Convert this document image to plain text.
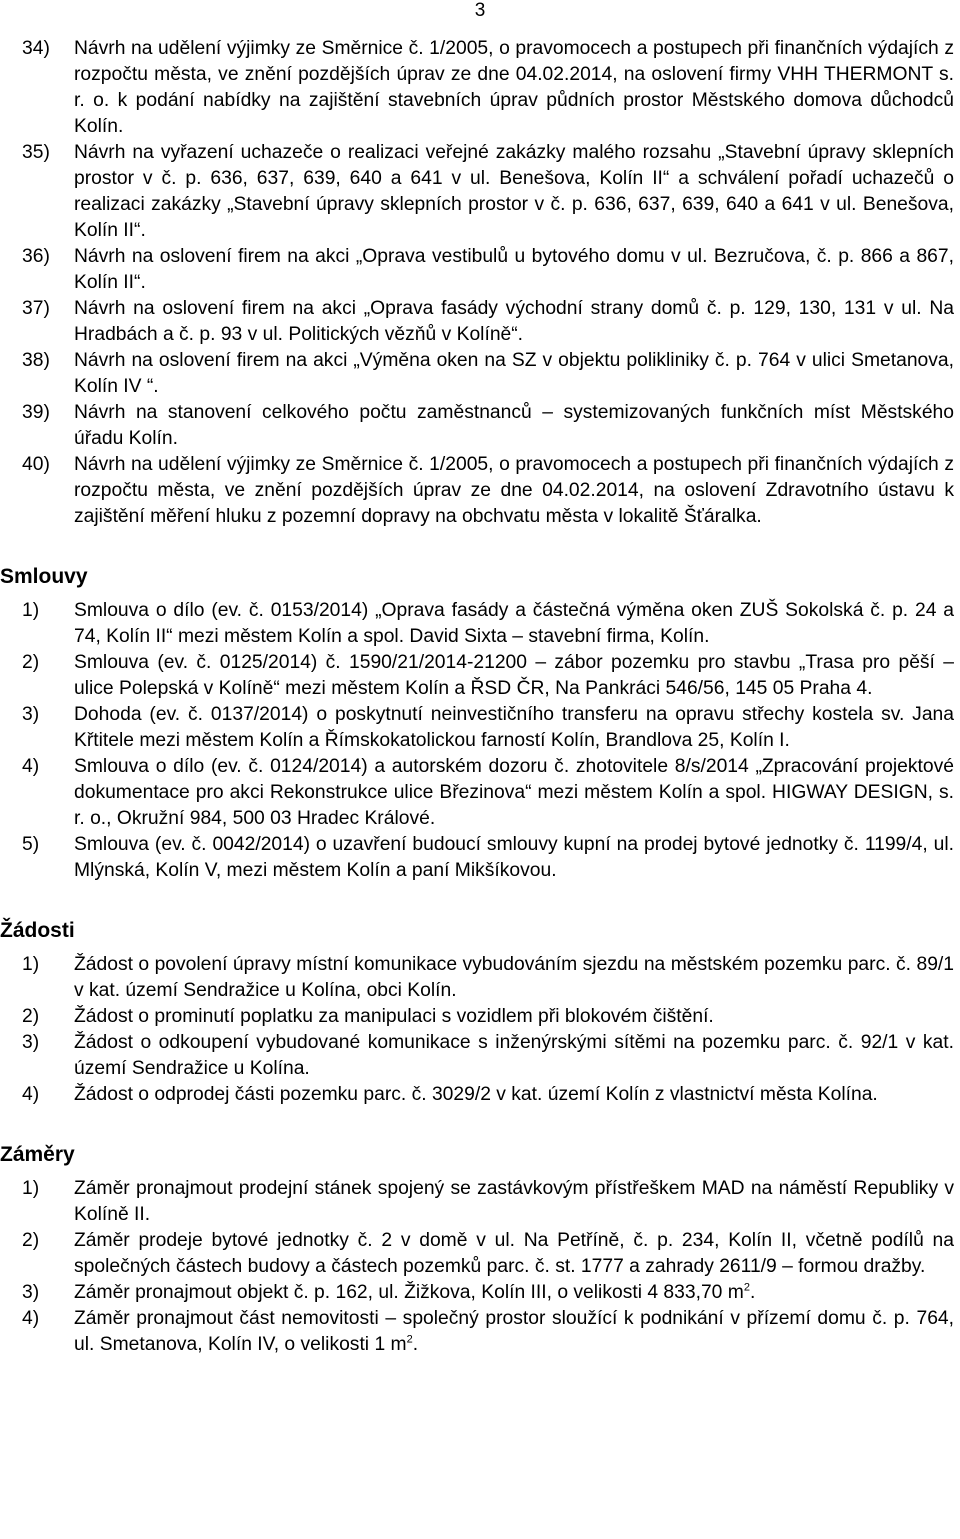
3
34)	Návrh na udělení výjimky ze Směrnice č. 1/2005, o pravomocech a postupech při finančních výdajích z rozpočtu města, ve znění pozdějších úprav ze dne 04.02.2014, na oslovení firmy VHH THERMONT s. r. o. k podání nabídky na zajištění stavebních úprav půdních prostor Městského domova důchodců Kolín.
35)	Návrh na vyřazení uchazeče o realizaci veřejné zakázky malého rozsahu „Stavební úpravy sklepních prostor v č. p. 636, 637, 639, 640 a 641 v ul. Benešova, Kolín II“ a schválení pořadí uchazečů o realizaci zakázky „Stavební úpravy sklepních prostor v č. p. 636, 637, 639, 640 a 641 v ul. Benešova, Kolín II“.
36)	Návrh na oslovení firem na akci „Oprava vestibulů u bytového domu v ul. Bezručova, č. p. 866 a 867, Kolín II“.
37)	Návrh na oslovení firem na akci „Oprava fasády východní strany domů č. p. 129, 130, 131 v ul. Na Hradbách a č. p. 93 v ul. Politických vězňů v Kolíně“.
38)	Návrh na oslovení firem na akci „Výměna oken na SZ v objektu polikliniky č. p. 764 v ulici Smetanova, Kolín IV “.
39)	Návrh na stanovení celkového počtu zaměstnanců – systemizovaných funkčních míst Městského úřadu Kolín.
40)	Návrh na udělení výjimky ze Směrnice č. 1/2005, o pravomocech a postupech při finančních výdajích z rozpočtu města, ve znění pozdějších úprav ze dne 04.02.2014, na oslovení Zdravotního ústavu k zajištění měření hluku z pozemní dopravy na obchvatu města v lokalitě Šťáralka.
Smlouvy
1)	Smlouva o dílo (ev. č. 0153/2014) „Oprava fasády a částečná výměna oken ZUŠ Sokolská č. p. 24 a 74, Kolín II“ mezi městem Kolín a spol. David Sixta – stavební firma, Kolín.
2)	Smlouva (ev. č. 0125/2014) č. 1590/21/2014-21200 – zábor pozemku pro stavbu „Trasa pro pěší – ulice Polepská v Kolíně“ mezi městem Kolín a ŘSD ČR, Na Pankráci 546/56, 145 05 Praha 4.
3)	Dohoda (ev. č. 0137/2014) o poskytnutí neinvestičního transferu na opravu střechy kostela sv. Jana Křtitele mezi městem Kolín a Římskokatolickou farností Kolín, Brandlova 25, Kolín I.
4)	Smlouva o dílo (ev. č. 0124/2014) a autorském dozoru č. zhotovitele 8/s/2014 „Zpracování projektové dokumentace pro akci Rekonstrukce ulice Březinova“ mezi městem Kolín a spol. HIGWAY DESIGN, s. r. o., Okružní 984, 500 03 Hradec Králové.
5)	Smlouva (ev. č. 0042/2014) o uzavření budoucí smlouvy kupní na prodej bytové jednotky č. 1199/4, ul. Mlýnská, Kolín V, mezi městem Kolín a paní Mikšíkovou.
Žádosti
1)	Žádost o povolení úpravy místní komunikace vybudováním sjezdu na městském pozemku parc. č. 89/1 v kat. území Sendražice u Kolína, obci Kolín.
2)	Žádost o prominutí poplatku za manipulaci s vozidlem při blokovém čištění.
3)	Žádost o odkoupení vybudované komunikace s inženýrskými sítěmi na pozemku parc. č. 92/1 v kat. území Sendražice u Kolína.
4)	Žádost o odprodej části pozemku parc. č. 3029/2 v kat. území Kolín z vlastnictví města Kolína.
Záměry
1)	Záměr pronajmout prodejní stánek spojený se zastávkovým přístřeškem MAD na náměstí Republiky v Kolíně II.
2)	Záměr prodeje bytové jednotky č. 2 v domě v ul. Na Petříně, č. p. 234, Kolín II, včetně podílů na společných částech budovy a částech pozemků parc. č. st. 1777 a zahrady 2611/9 – formou dražby.
3)	Záměr pronajmout objekt č. p. 162, ul. Žižkova, Kolín III, o velikosti 4 833,70 $m^2$.
4)	Záměr pronajmout část nemovitosti – společný prostor sloužící k podnikání v přízemí domu č. p. 764, ul. Smetanova, Kolín IV, o velikosti 1 $m^2$.
